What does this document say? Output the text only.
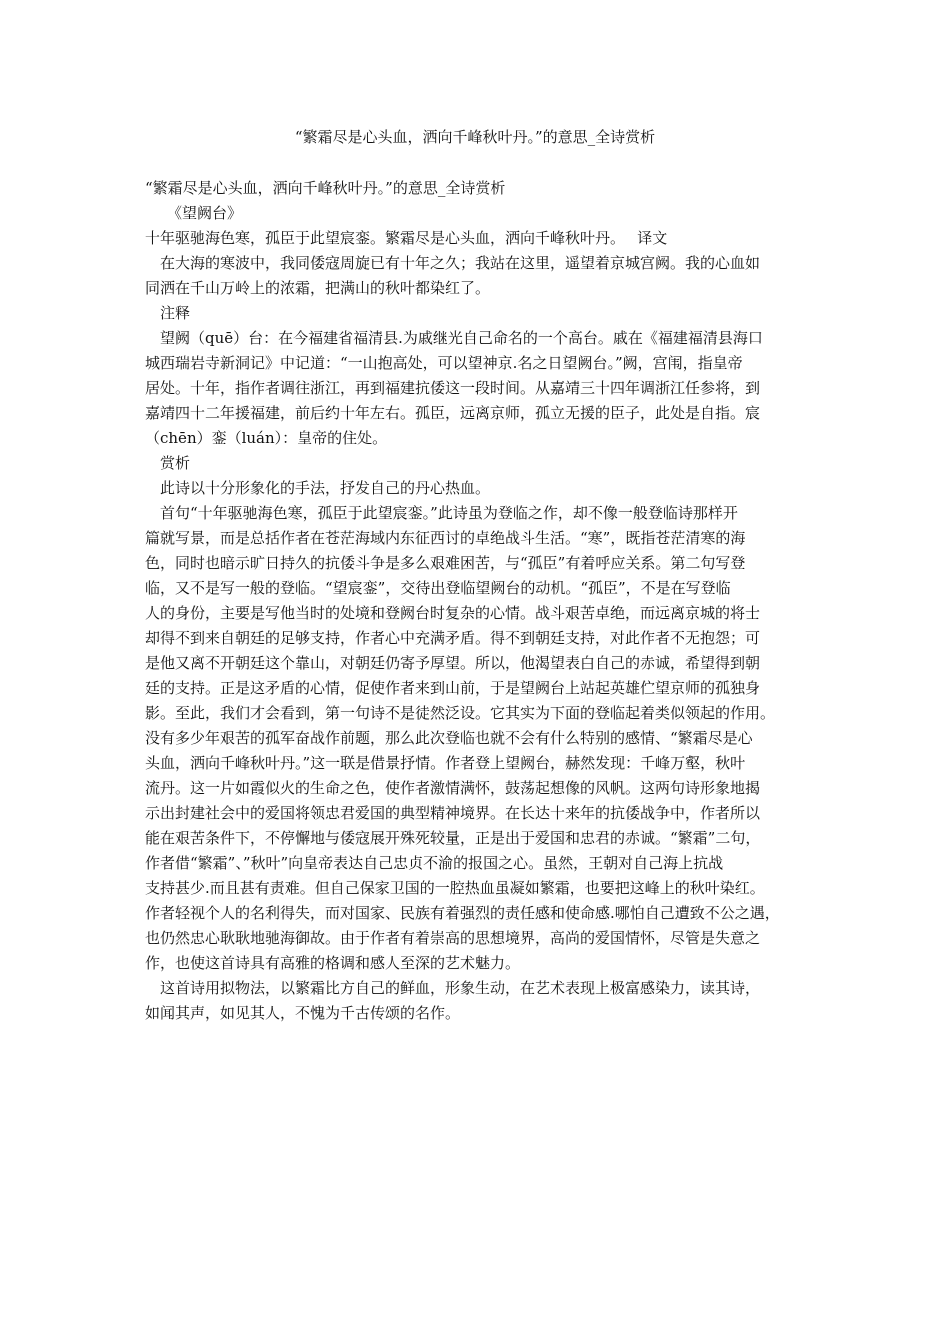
“繁霜尽是心头血，洒向千峰秋叶丹。”的意思_全诗赏析

“繁霜尽是心头血，洒向千峰秋叶丹。”的意思_全诗赏析

《望阙台》

十年驱驰海色寒，孤臣于此望宸銮。繁霜尽是心头血，洒向千峰秋叶丹。　 译文

在大海的寒波中，我同倭寇周旋已有十年之久；我站在这里，遥望着京城宫阙。我的心血如

同洒在千山万岭上的浓霜，把满山的秋叶都染红了。

注释

望阙（quē）台：在今福建省福清县.为戚继光自己命名的一个高台。戚在《福建福清县海口

城西瑞岩寺新洞记》中记道：“一山抱高处，可以望神京.名之日望阙台。”阙，宫闱，指皇帝

居处。十年，指作者调往浙江，再到福建抗倭这一段时间。从嘉靖三十四年调浙江任参将，到

嘉靖四十二年援福建，前后约十年左右。孤臣，远离京师，孤立无援的臣子，此处是自指。宸

（chēn）銮（luán）：皇帝的住处。

赏析

此诗以十分形象化的手法，抒发自己的丹心热血。

首句“十年驱驰海色寒，孤臣于此望宸銮。”此诗虽为登临之作，却不像一般登临诗那样开

篇就写景，而是总括作者在苍茫海域内东征西讨的卓绝战斗生活。“寒”，既指苍茫清寒的海

色，同时也暗示旷日持久的抗倭斗争是多么艰难困苦，与“孤臣”有着呼应关系。第二句写登

临，又不是写一般的登临。“望宸銮”，交待出登临望阙台的动机。“孤臣”，不是在写登临

人的身份，主要是写他当时的处境和登阙台时复杂的心情。战斗艰苦卓绝，而远离京城的将士

却得不到来自朝廷的足够支持，作者心中充满矛盾。得不到朝廷支持，对此作者不无抱怨；可

是他又离不开朝廷这个靠山，对朝廷仍寄予厚望。所以，他渴望表白自己的赤诚，希望得到朝

廷的支持。正是这矛盾的心情，促使作者来到山前，于是望阙台上站起英雄伫望京师的孤独身

影。至此，我们才会看到，第一句诗不是徒然泛设。它其实为下面的登临起着类似领起的作用。

没有多少年艰苦的孤军奋战作前题，那么此次登临也就不会有什么特别的感情、“繁霜尽是心

头血，洒向千峰秋叶丹。”这一联是借景抒情。作者登上望阙台，赫然发现：千峰万壑，秋叶

流丹。这一片如霞似火的生命之色，使作者激情满怀，鼓荡起想像的风帆。这两句诗形象地揭

示出封建社会中的爱国将领忠君爱国的典型精神境界。在长达十来年的抗倭战争中，作者所以

能在艰苦条件下，不停懈地与倭寇展开殊死较量，正是出于爱国和忠君的赤诚。“繁霜”二句，

作者借“繁霜”、”秋叶”向皇帝表达自己忠贞不渝的报国之心。虽然，王朝对自己海上抗战

支持甚少.而且甚有责难。但自己保家卫国的一腔热血虽凝如繁霜，也要把这峰上的秋叶染红。

作者轻视个人的名利得失，而对国家、民族有着强烈的责任感和使命感.哪怕自己遭致不公之遇，

也仍然忠心耿耿地驰海御故。由于作者有着崇高的思想境界，高尚的爱国情怀，尽管是失意之

作，也使这首诗具有高雅的格调和感人至深的艺术魅力。

这首诗用拟物法，以繁霜比方自己的鲜血，形象生动，在艺术表现上极富感染力，读其诗，

如闻其声，如见其人，不愧为千古传颂的名作。
